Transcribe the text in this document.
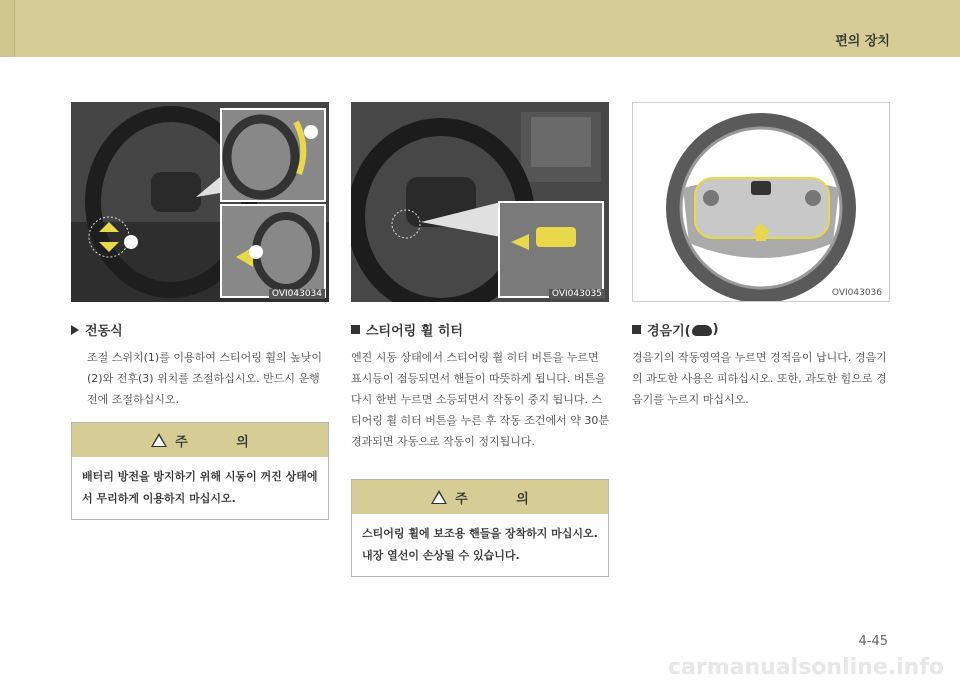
편의 장치
OVI043034	OVI043035	OVI043036
전동식
조절 스위치(1)를 이용하여 스티어링 휠의 높낮이(2)와 전후(3) 위치를 조절하십시오. 반드시 운행 전에 조절하십시오.
주 의
배터리 방전을 방지하기 위해 시동이 꺼진 상태에서 무리하게 이용하지 마십시오.
스티어링 휠 히터
엔진 시동 상태에서 스티어링 휠 히터 버튼을 누르면 표시등이 점등되면서 핸들이 따뜻하게 됩니다. 버튼을 다시 한번 누르면 소등되면서 작동이 중지 됩니다. 스티어링 휠 히터 버튼을 누른 후 작동 조건에서 약 30분 경과되면 자동으로 작동이 정지됩니다.
주 의
스티어링 휠에 보조용 핸들을 장착하지 마십시오. 내장 열선이 손상될 수 있습니다.
경음기( )
경음기의 작동영역을 누르면 경적음이 납니다. 경음기의 과도한 사용은 피하십시오. 또한, 과도한 힘으로 경음기를 누르지 마십시오.
4-45
carmanualsonline.info
